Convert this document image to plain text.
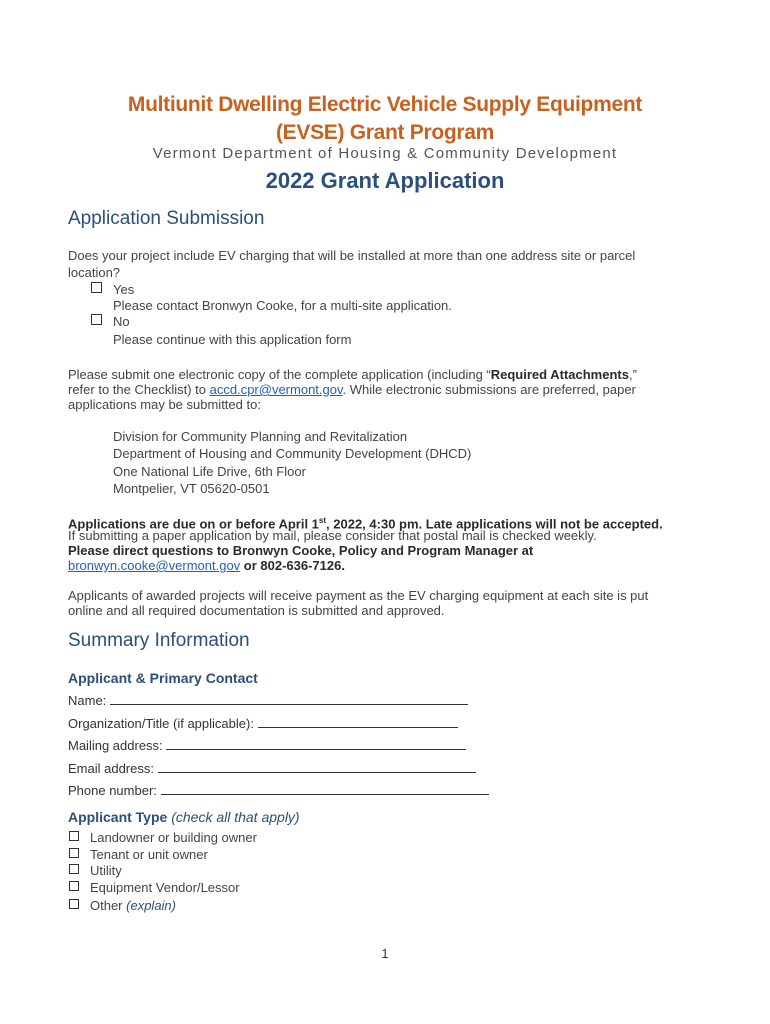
Multiunit Dwelling Electric Vehicle Supply Equipment
(EVSE) Grant Program
Vermont Department of Housing & Community Development
2022 Grant Application
Application Submission
Does your project include EV charging that will be installed at more than one address site or parcel
location?
Yes
Please contact Bronwyn Cooke, for a multi-site application.
No
Please continue with this application form
Please submit one electronic copy of the complete application (including “Required Attachments,”
refer to the Checklist) to accd.cpr@vermont.gov. While electronic submissions are preferred, paper
applications may be submitted to:
Division for Community Planning and Revitalization
Department of Housing and Community Development (DHCD)
One National Life Drive, 6th Floor
Montpelier, VT 05620-0501
Applications are due on or before April 1st, 2022, 4:30 pm. Late applications will not be accepted.
If submitting a paper application by mail, please consider that postal mail is checked weekly.
Please direct questions to Bronwyn Cooke, Policy and Program Manager at
bronwyn.cooke@vermont.gov or 802-636-7126.
Applicants of awarded projects will receive payment as the EV charging equipment at each site is put
online and all required documentation is submitted and approved.
Summary Information
Applicant & Primary Contact
Name:
Organization/Title (if applicable):
Mailing address:
Email address:
Phone number:
Applicant Type (check all that apply)
Landowner or building owner
Tenant or unit owner
Utility
Equipment Vendor/Lessor
Other (explain)
1
